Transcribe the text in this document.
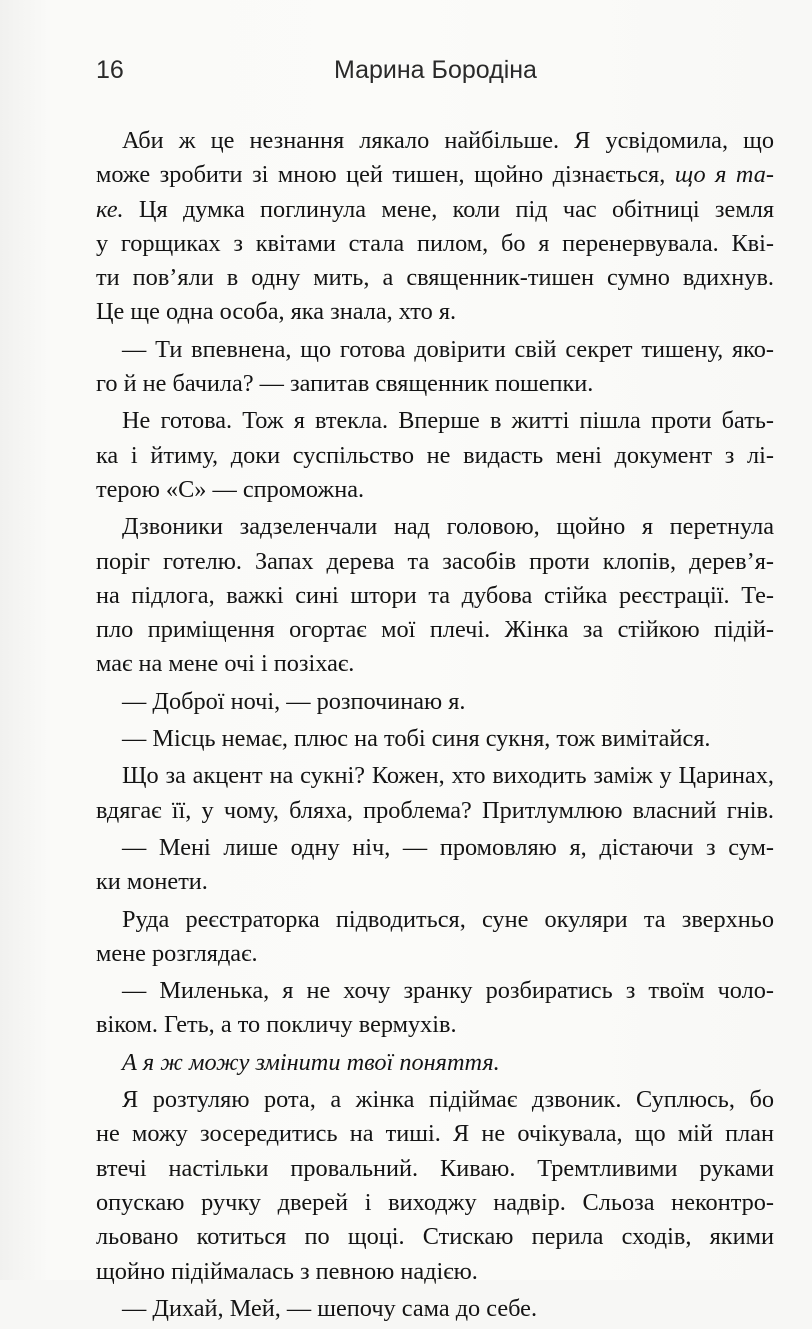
16	Марина Бородіна
Аби ж це незнання лякало найбільше. Я усвідомила, що
може зробити зі мною цей тишен, щойно дізнається, що я та-
ке. Ця думка поглинула мене, коли під час обітниці земля
у горщиках з квітами стала пилом, бо я перенервувала. Кві-
ти пов’яли в одну мить, а священник-тишен сумно вдихнув.
Це ще одна особа, яка знала, хто я.
— Ти впевнена, що готова довірити свій секрет тишену, яко-
го й не бачила? — запитав священник пошепки.
Не готова. Тож я втекла. Вперше в житті пішла проти бать-
ка і йтиму, доки суспільство не видасть мені документ з лі-
терою «С» — спроможна.
Дзвоники задзеленчали над головою, щойно я перетнула
поріг готелю. Запах дерева та засобів проти клопів, дерев’я-
на підлога, важкі сині штори та дубова стійка реєстрації. Те-
пло приміщення огортає мої плечі. Жінка за стійкою підій-
має на мене очі і позіхає.
— Доброї ночі, — розпочинаю я.
— Місць немає, плюс на тобі синя сукня, тож вимітайся.
Що за акцент на сукні? Кожен, хто виходить заміж у Царинах,
вдягає її, у чому, бляха, проблема? Притлумлюю власний гнів.
— Мені лише одну ніч, — промовляю я, дістаючи з сум-
ки монети.
Руда реєстраторка підводиться, суне окуляри та зверхньо
мене розглядає.
— Миленька, я не хочу зранку розбиратись з твоїм чоло-
віком. Геть, а то покличу вермухів.
А я ж можу змінити твої поняття.
Я розтуляю рота, а жінка підіймає дзвоник. Суплюсь, бо
не можу зосередитись на тиші. Я не очікувала, що мій план
втечі настільки провальний. Киваю. Тремтливими руками
опускаю ручку дверей і виходжу надвір. Сльоза неконтро-
льовано котиться по щоці. Стискаю перила сходів, якими
щойно підіймалась з певною надією.
— Дихай, Мей, — шепочу сама до себе.
